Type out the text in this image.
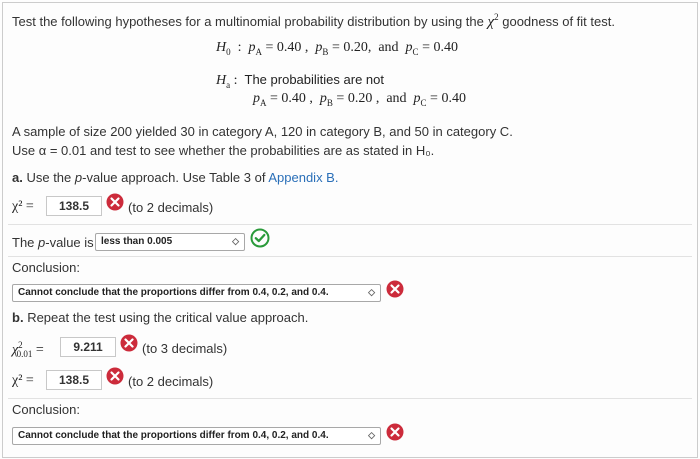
Test the following hypotheses for a multinomial probability distribution by using the $\chi^2$ goodness of fit test.
$H_0$  :  $p_A = 0.40$ ,  $p_B = 0.20$,  and  $p_C = 0.40$
$H_a$ :  The probabilities are not
$p_A = 0.40$ ,  $p_B = 0.20$ ,  and  $p_C = 0.40$
A sample of size 200 yielded 30 in category A, 120 in category B, and 50 in category C.
Use α = 0.01 and test to see whether the probabilities are as stated in H₀.
a. Use the p-value approach. Use Table 3 of Appendix B.
χ² =	138.5	(to 2 decimals)
The p-value is less than 0.005	◇
Conclusion:
Cannot conclude that the proportions differ from 0.4, 0.2, and 0.4.	◇
b. Repeat the test using the critical value approach.
$\chi^2_{0.01}$ =	9.211	(to 3 decimals)
χ² =	138.5	(to 2 decimals)
Conclusion:
Cannot conclude that the proportions differ from 0.4, 0.2, and 0.4.	◇
